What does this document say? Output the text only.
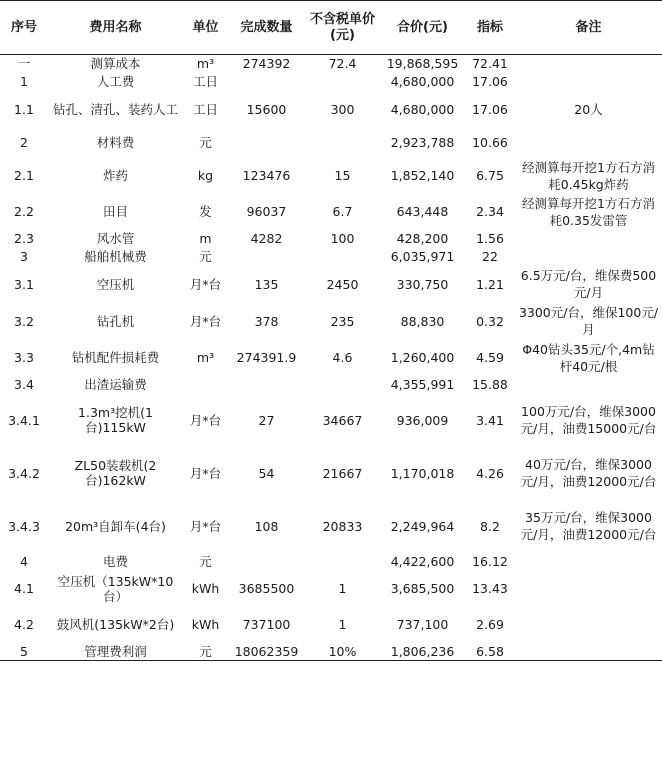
序号	费用名称	单位	完成数量	不含税单价(元)	合价(元)	指标	备注
一	测算成本	m³	274392	72.4	19,868,595	72.41	
1	人工费	工日			4,680,000	17.06	
1.1	钻孔、清孔、装药人工	工日	15600	300	4,680,000	17.06	20人
2	材料费	元			2,923,788	10.66	
2.1	炸药	kg	123476	15	1,852,140	6.75	经测算每开挖1方石方消耗0.45kg炸药
2.2	田目	发	96037	6.7	643,448	2.34	经测算每开挖1方石方消耗0.35发雷管
2.3	风水管	m	4282	100	428,200	1.56	
3	船舶机械费	元			6,035,971	22	
3.1	空压机	月*台	135	2450	330,750	1.21	6.5万元/台，维保费500元/月
3.2	钻孔机	月*台	378	235	88,830	0.32	3300元/台，维保100元/月
3.3	钻机配件损耗费	m³	274391.9	4.6	1,260,400	4.59	Φ40钻头35元/个,4m钻杆40元/根
3.4	出渣运输费				4,355,991	15.88	
3.4.1	1.3m³挖机(1台)115kW	月*台	27	34667	936,009	3.41	100万元/台，维保3000元/月，油费15000元/台
3.4.2	ZL50装载机(2台)162kW	月*台	54	21667	1,170,018	4.26	40万元/台，维保3000元/月，油费12000元/台
3.4.3	20m³自卸车(4台)	月*台	108	20833	2,249,964	8.2	35万元/台，维保3000元/月，油费12000元/台
4	电费	元			4,422,600	16.12	
4.1	空压机（135kW*10台）	kWh	3685500	1	3,685,500	13.43	
4.2	鼓风机(135kW*2台)	kWh	737100	1	737,100	2.69	
5	管理费利润	元	18062359	10%	1,806,236	6.58	
